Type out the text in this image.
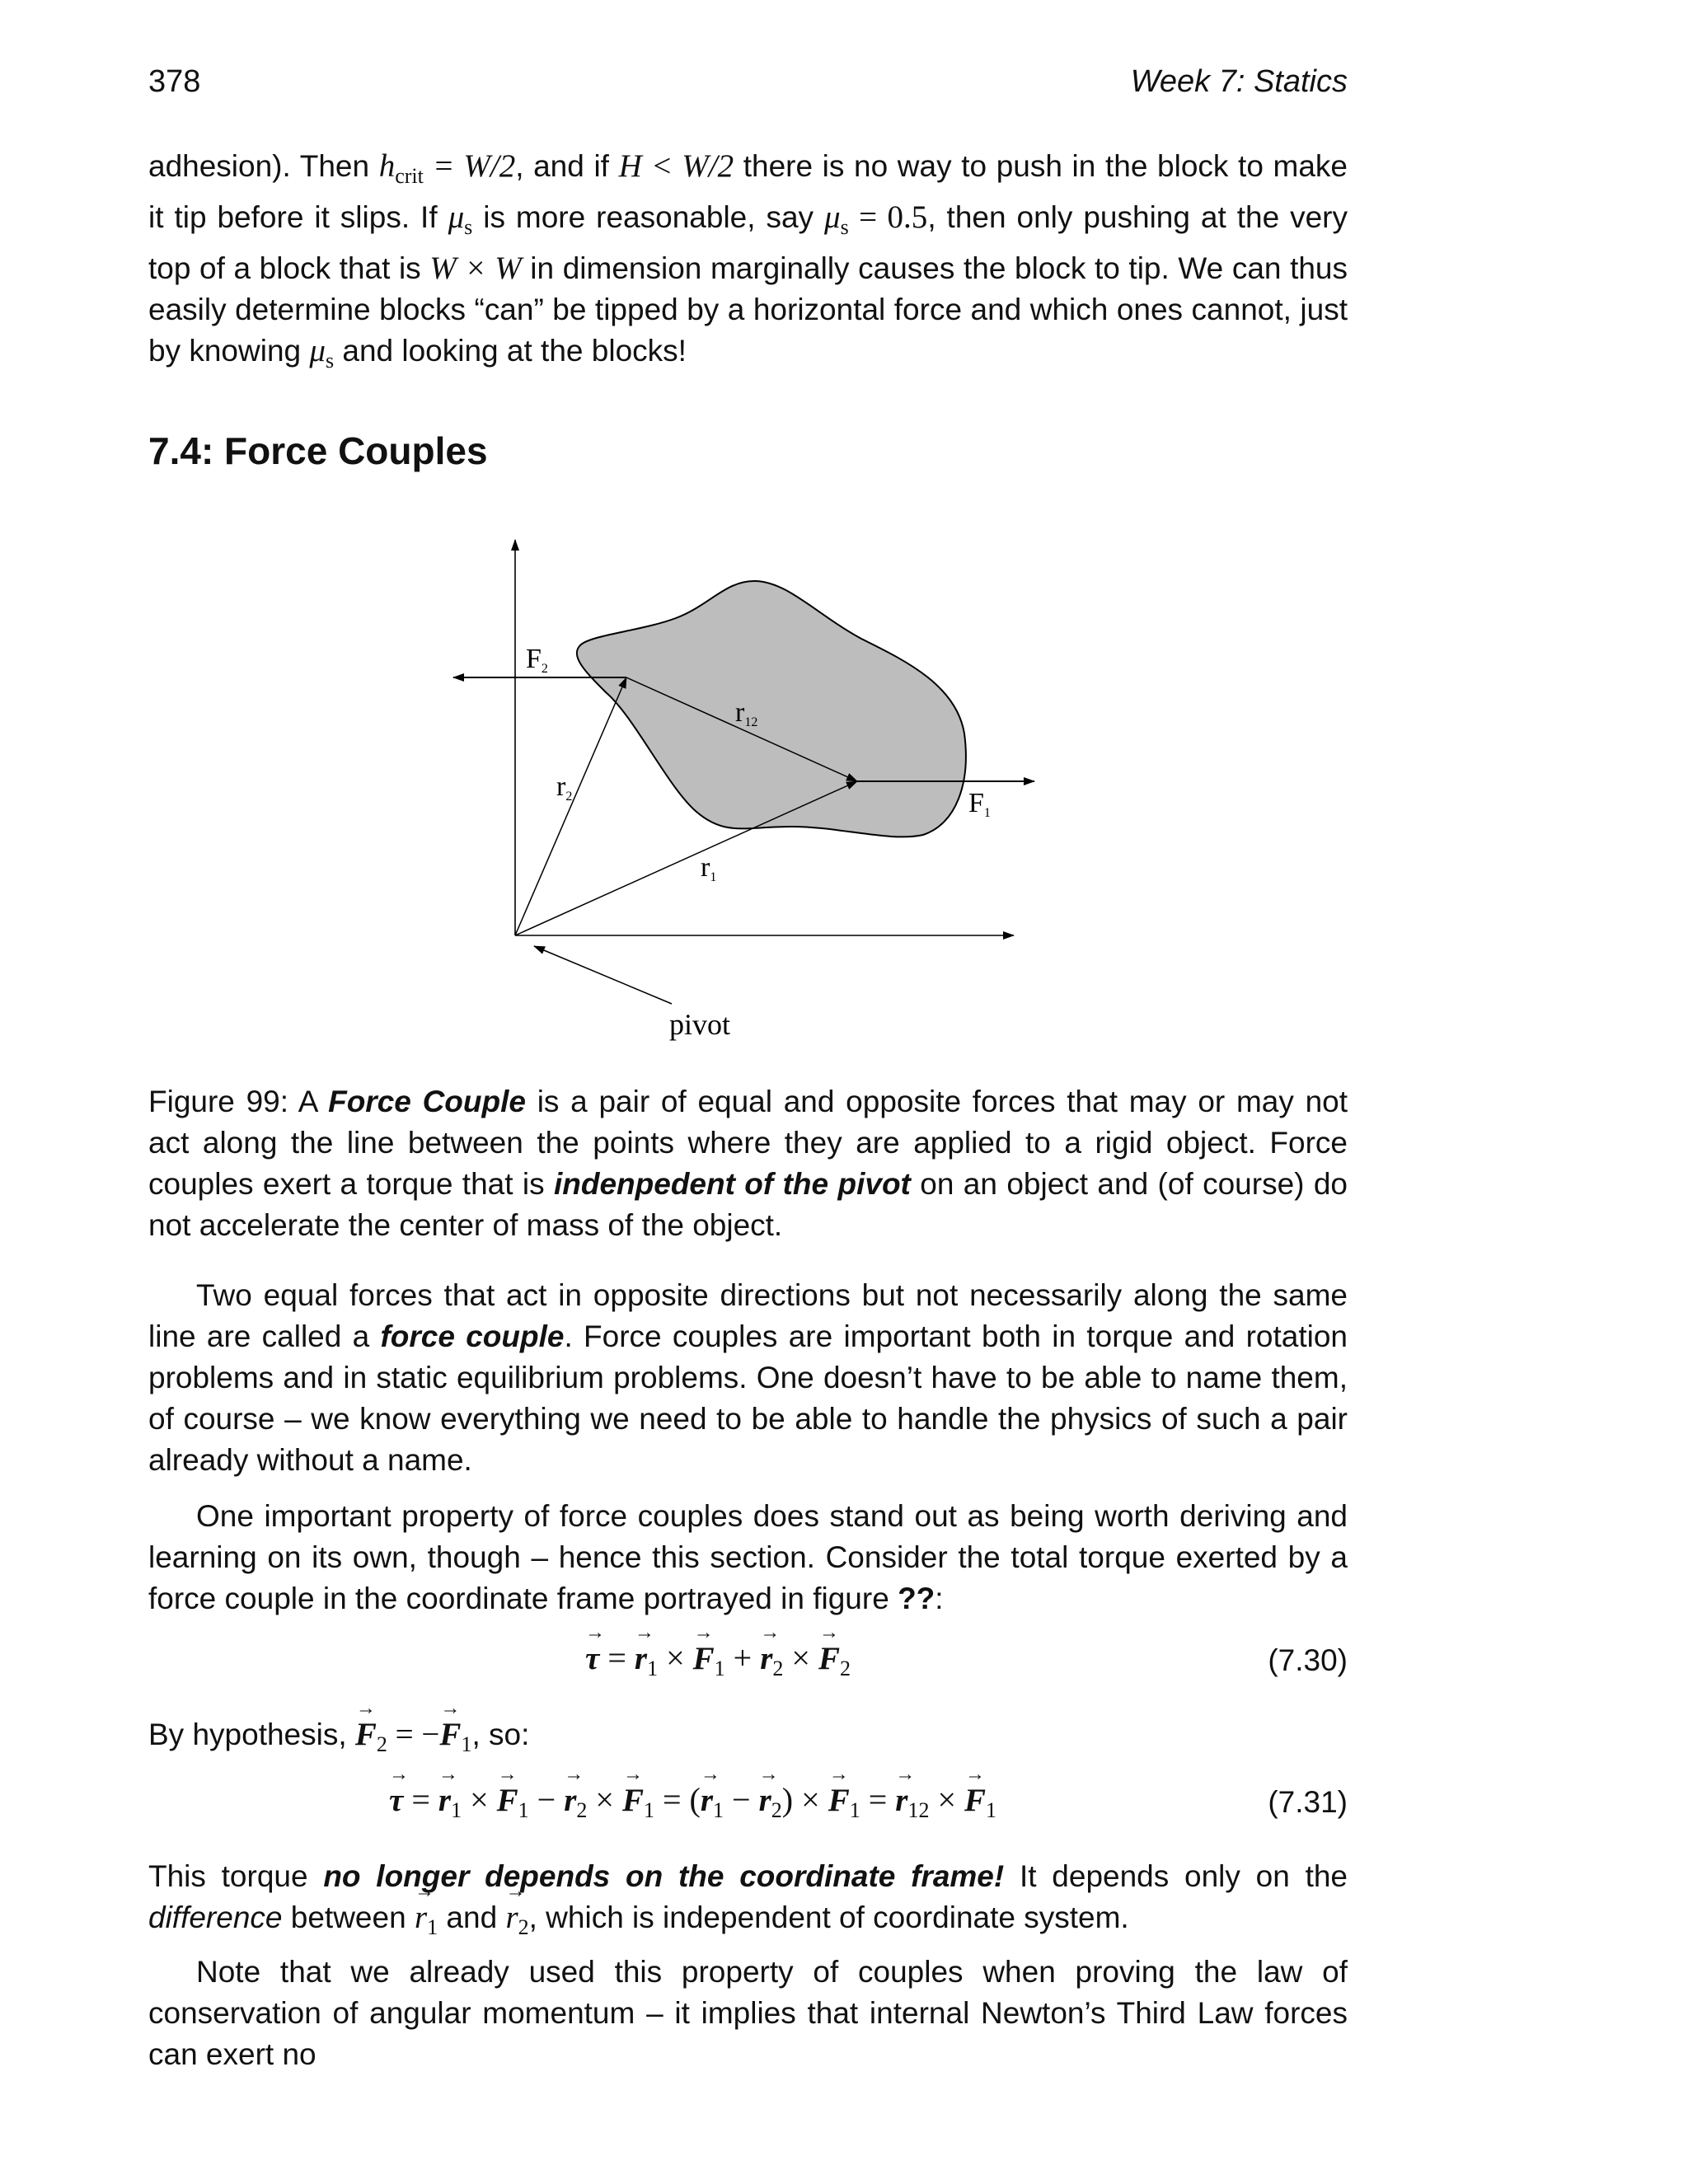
378	Week 7: Statics
adhesion). Then $h_{crit} = W/2$, and if H < W/2 there is no way to push in the block to make it tip before it slips. If $\mu_s$ is more reasonable, say $\mu_s = 0.5$, then only pushing at the very top of a block that is W × W in dimension marginally causes the block to tip. We can thus easily determine blocks “can” be tipped by a horizontal force and which ones cannot, just by knowing $\mu_s$ and looking at the blocks!
7.4: Force Couples
F2
r12
r2	F1
r1
pivot
Figure 99: A Force Couple is a pair of equal and opposite forces that may or may not act along the line between the points where they are applied to a rigid object. Force couples exert a torque that is indenpedent of the pivot on an object and (of course) do not accelerate the center of mass of the object.
Two equal forces that act in opposite directions but not necessarily along the same line are called a force couple. Force couples are important both in torque and rotation problems and in static equilibrium problems. One doesn’t have to be able to name them, of course – we know everything we need to be able to handle the physics of such a pair already without a name.
One important property of force couples does stand out as being worth deriving and learning on its own, though – hence this section. Consider the total torque exerted by a force couple in the coordinate frame portrayed in figure ??:
→ τ = → $r_1$ × → $F_1$ + → $r_2$ × → $F_2$	(7.30)
By hypothesis, → $F_2$ = −→ $F_1$, so:
→ τ = → $r_1$ × → $F_1$ − → $r_2$ × → $F_1$ = (→ $r_1$ − → $r_2$) × → $F_1$ = → $r_{12}$ × → $F_1$	(7.31)
This torque no longer depends on the coordinate frame! It depends only on the difference between → $r_1$ and → $r_2$, which is independent of coordinate system.
Note that we already used this property of couples when proving the law of conservation of angular momentum – it implies that internal Newton’s Third Law forces can exert no
